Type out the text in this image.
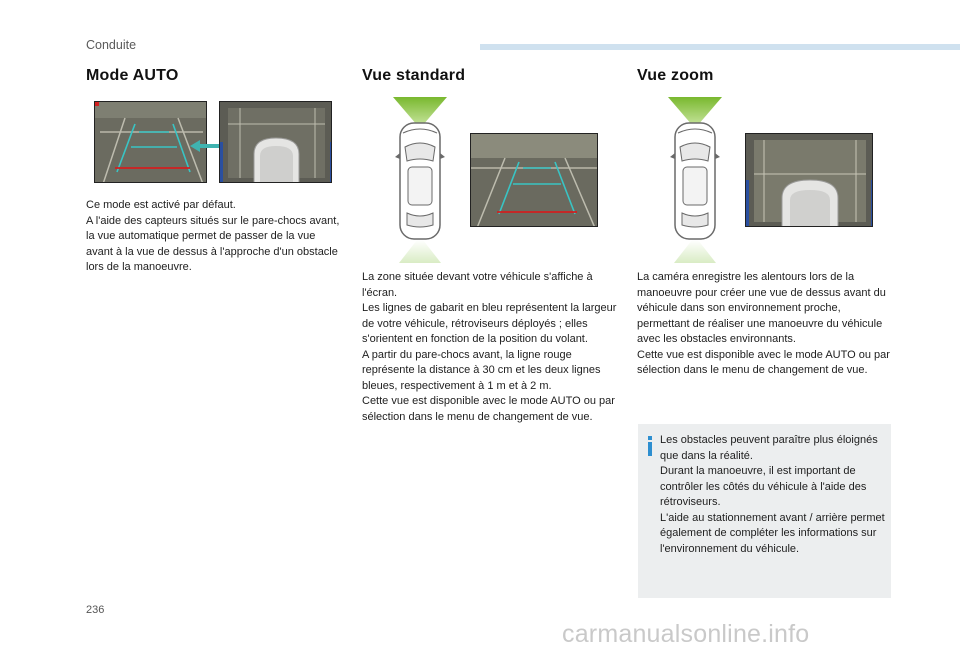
Conduite
Mode AUTO
Ce mode est activé par défaut.
A l'aide des capteurs situés sur le pare-chocs avant, la vue automatique permet de passer de la vue avant à la vue de dessus à l'approche d'un obstacle lors de la manoeuvre.
Vue standard
La zone située devant votre véhicule s'affiche à l'écran.
Les lignes de gabarit en bleu représentent la largeur de votre véhicule, rétroviseurs déployés ; elles s'orientent en fonction de la position du volant.
A partir du pare-chocs avant, la ligne rouge représente la distance à 30 cm et les deux lignes bleues, respectivement à 1 m et à 2 m.
Cette vue est disponible avec le mode AUTO ou par sélection dans le menu de changement de vue.
Vue zoom
La caméra enregistre les alentours lors de la manoeuvre pour créer une vue de dessus avant du véhicule dans son environnement proche, permettant de réaliser une manoeuvre du véhicule avec les obstacles environnants.
Cette vue est disponible avec le mode AUTO ou par sélection dans le menu de changement de vue.
Les obstacles peuvent paraître plus éloignés que dans la réalité.
Durant la manoeuvre, il est important de contrôler les côtés du véhicule à l'aide des rétroviseurs.
L'aide au stationnement avant / arrière permet également de compléter les informations sur l'environnement du véhicule.
236
carmanualsonline.info
